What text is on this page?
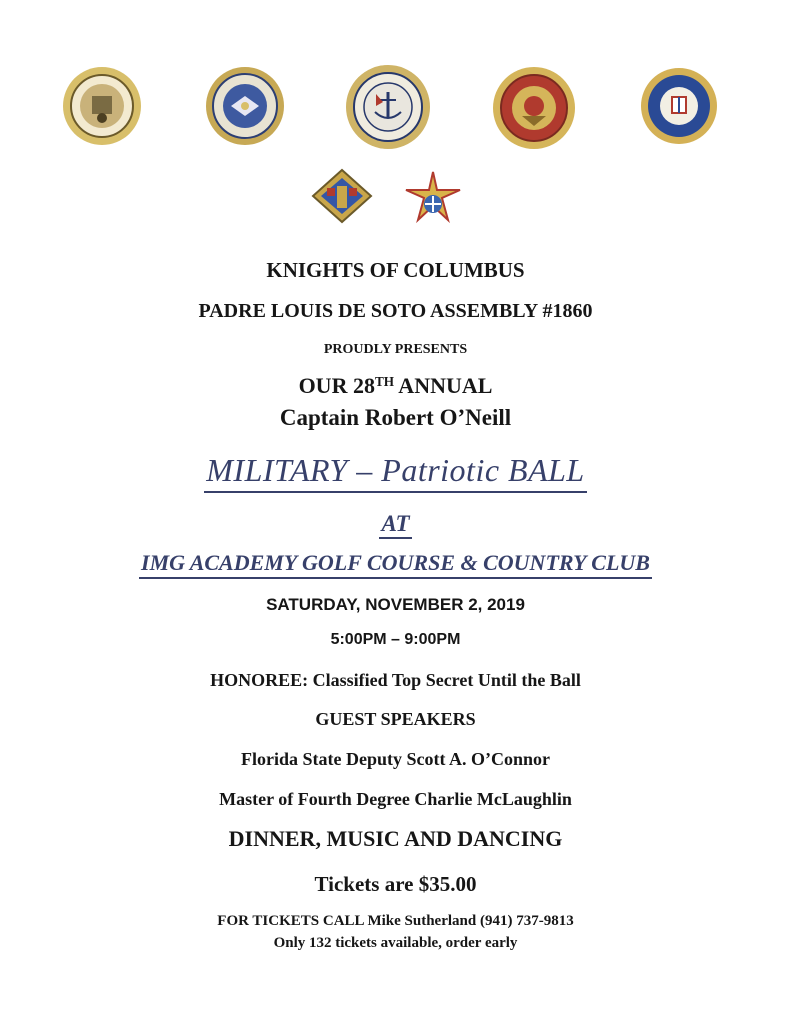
KNIGHTS OF COLUMBUS
PADRE LOUIS DE SOTO ASSEMBLY #1860
PROUDLY PRESENTS
OUR 28TH ANNUAL
Captain Robert O’Neill
MILITARY – Patriotic BALL
AT
IMG ACADEMY GOLF COURSE & COUNTRY CLUB
SATURDAY, NOVEMBER 2, 2019
5:00PM – 9:00PM
HONOREE: Classified Top Secret Until the Ball
GUEST SPEAKERS
Florida State Deputy Scott A. O’Connor
Master of Fourth Degree Charlie McLaughlin
DINNER, MUSIC AND DANCING
Tickets are $35.00
FOR TICKETS CALL Mike Sutherland (941) 737-9813
Only 132 tickets available, order early
